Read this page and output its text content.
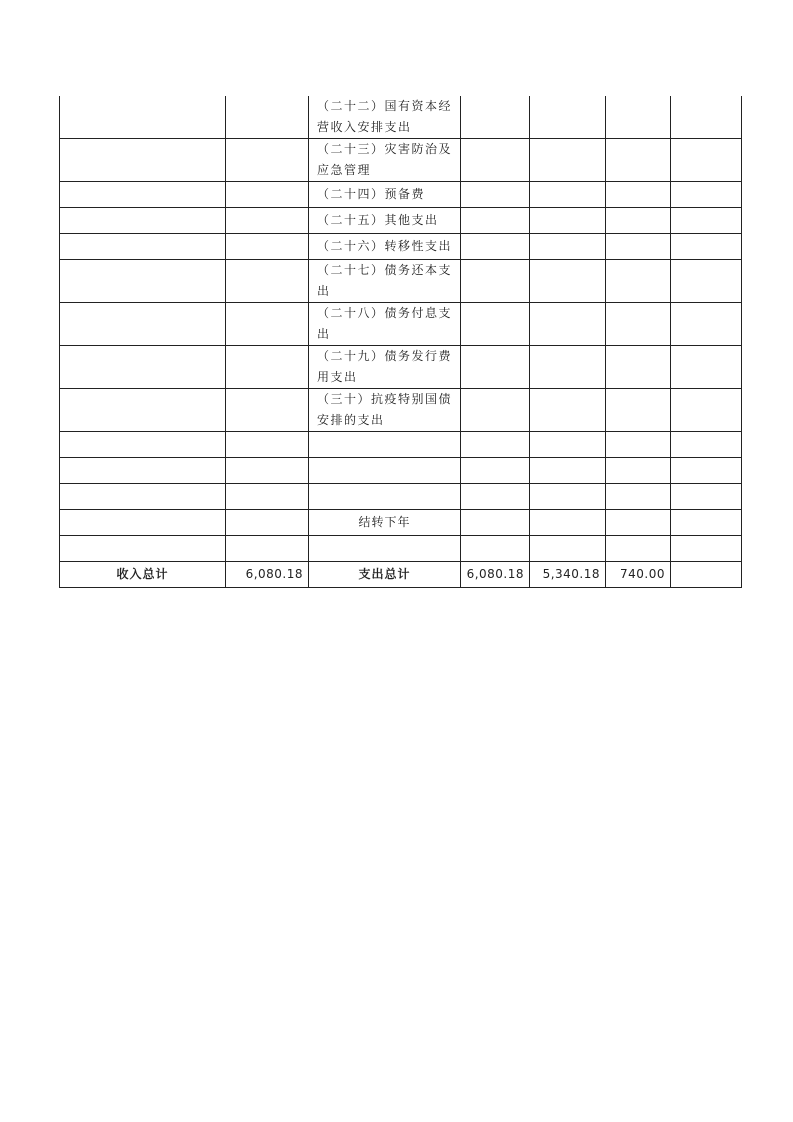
		（二十二）国有资本经营收入安排支出				
		（二十三）灾害防治及应急管理				
		（二十四）预备费				
		（二十五）其他支出				
		（二十六）转移性支出				
		（二十七）债务还本支出				
		（二十八）债务付息支出				
		（二十九）债务发行费用支出				
		（三十）抗疫特别国债安排的支出				

		结转下年				

收入总计	6,080.18	支出总计	6,080.18	5,340.18	740.00	
